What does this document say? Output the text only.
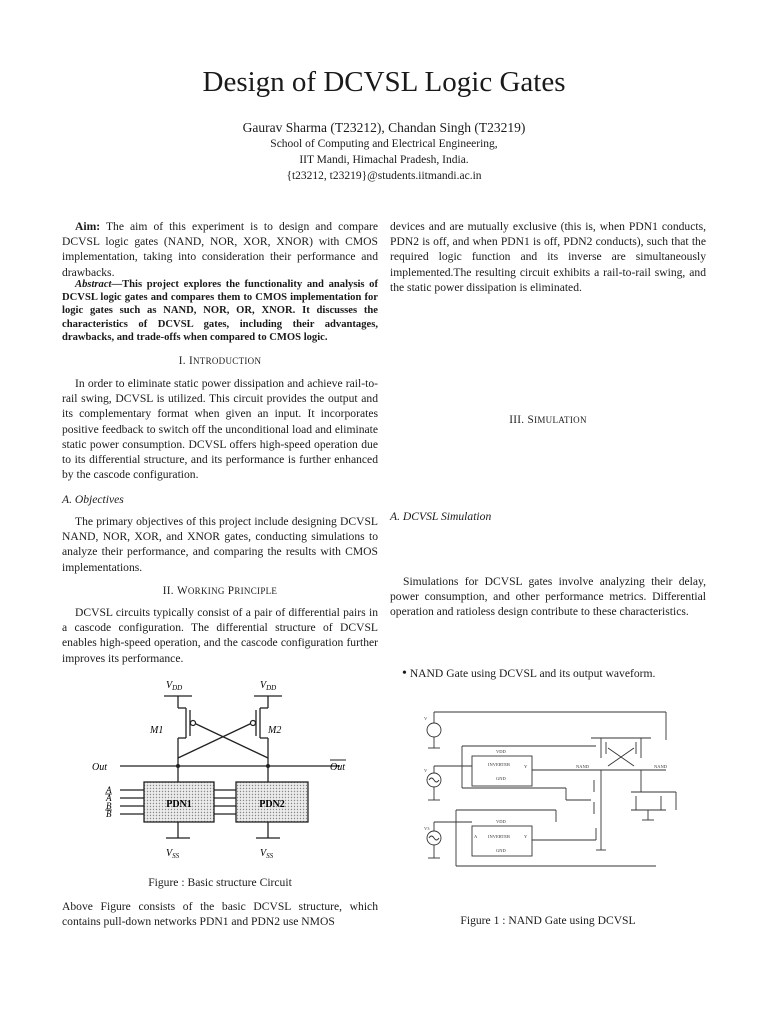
Design of DCVSL Logic Gates
Gaurav Sharma (T23212), Chandan Singh (T23219)
School of Computing and Electrical Engineering,
IIT Mandi, Himachal Pradesh, India.
{t23212, t23219}@students.iitmandi.ac.in

Aim: The aim of this experiment is to design and compare DCVSL logic gates (NAND, NOR, XOR, XNOR) with CMOS implementation, taking into consideration their performance and drawbacks.

Abstract—This project explores the functionality and analysis of DCVSL logic gates and compares them to CMOS implementation for logic gates such as NAND, NOR, OR, XNOR. It discusses the characteristics of DCVSL gates, including their advantages, drawbacks, and trade-offs when compared to CMOS logic.
I. INTRODUCTION

In order to eliminate static power dissipation and achieve rail-to-rail swing, DCVSL is utilized. This circuit provides the output and its complementary format when given an input. It incorporates positive feedback to switch off the unconditional load and eliminate static power consumption. DCVSL offers high-speed operation due to its differential structure, and its performance is further enhanced by the cascode configuration.

A. Objectives

The primary objectives of this project include designing DCVSL NAND, NOR, XOR, and XNOR gates, conducting simulations to analyze their performance, and comparing the results with CMOS implementations.

II. WORKING PRINCIPLE

DCVSL circuits typically consist of a pair of differential pairs in a cascode configuration. The differential structure of DCVSL enables high-speed operation, and the cascode configuration further improves its performance.

$V_{DD}$	$V_{DD}$
M1	M2
Out	Out
PDN1	PDN2
A
A
B
B
$V_{SS}$	$V_{SS}$
Figure : Basic structure Circuit

Above Figure consists of the basic DCVSL structure, which contains pull-down networks PDN1 and PDN2 use NMOS

devices and are mutually exclusive (this is, when PDN1 conducts, PDN2 is off, and when PDN1 is off, PDN2 conducts), such that the required logic function and its inverse are simultaneously implemented.The resulting circuit exhibits a rail-to-rail swing, and the static power dissipation is eliminated.

III. SIMULATION
A. DCVSL Simulation

Simulations for DCVSL gates involve analyzing their delay, power consumption, and other performance metrics. Differential operation and ratioless design contribute to these characteristics.

• NAND Gate using DCVSL and its output waveform.
V
V
V3
INVERTER
GND
VDD
INVERTER
GND
VDD
A	Y
Y	NAND	NAND
Figure 1 : NAND Gate using DCVSL
